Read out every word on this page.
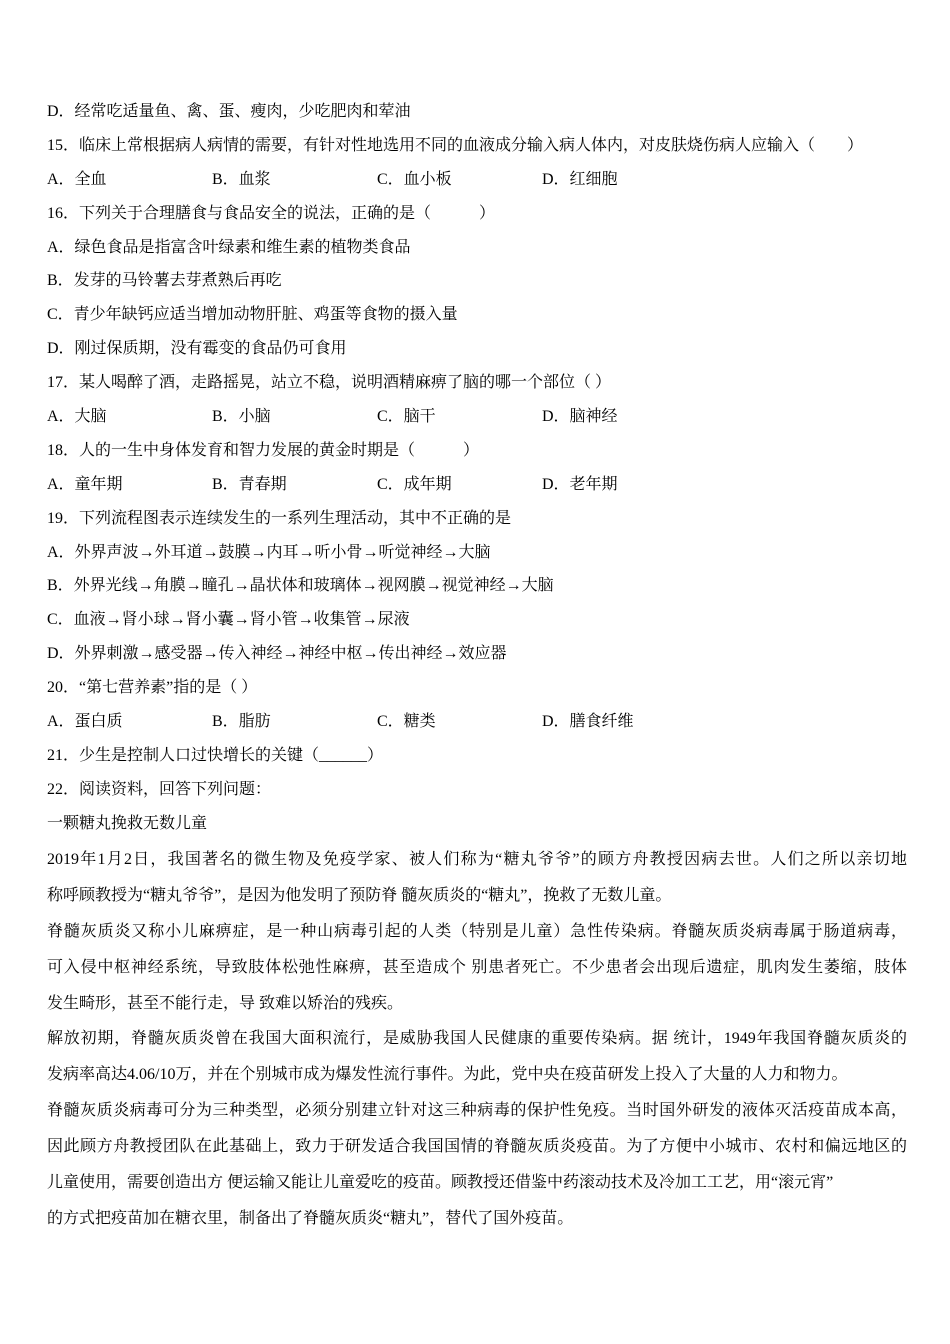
D．经常吃适量鱼、禽、蛋、瘦肉，少吃肥肉和荤油
15．临床上常根据病人病情的需要，有针对性地选用不同的血液成分输入病人体内，对皮肤烧伤病人应输入（　　）
A．全血	B．血浆	C．血小板	D．红细胞
16．下列关于合理膳食与食品安全的说法，正确的是（　　　）
A．绿色食品是指富含叶绿素和维生素的植物类食品
B．发芽的马铃薯去芽煮熟后再吃
C．青少年缺钙应适当增加动物肝脏、鸡蛋等食物的摄入量
D．刚过保质期，没有霉变的食品仍可食用
17．某人喝醉了酒，走路摇晃，站立不稳，说明酒精麻痹了脑的哪一个部位（ ）
A．大脑	B．小脑	C．脑干	D．脑神经
18．人的一生中身体发育和智力发展的黄金时期是（　　　）
A．童年期	B．青春期	C．成年期	D．老年期
19．下列流程图表示连续发生的一系列生理活动，其中不正确的是
A．外界声波→外耳道→鼓膜→内耳→听小骨→听觉神经→大脑
B．外界光线→角膜→瞳孔→晶状体和玻璃体→视网膜→视觉神经→大脑
C．血液→肾小球→肾小囊→肾小管→收集管→尿液
D．外界刺激→感受器→传入神经→神经中枢→传出神经→效应器
20．“第七营养素”指的是（ ）
A．蛋白质	B．脂肪	C．糖类	D．膳食纤维
21．少生是控制人口过快增长的关键（______）
22．阅读资料，回答下列问题：
一颗糖丸挽救无数儿童
2019年1月2日，我国著名的微生物及免疫学家、被人们称为“糖丸爷爷”的顾方舟教授因病去世。人们之所以亲切地
称呼顾教授为“糖丸爷爷”，是因为他发明了预防脊 髓灰质炎的“糖丸”，挽救了无数儿童。
脊髓灰质炎又称小儿麻痹症，是一种山病毒引起的人类（特别是儿童）急性传染病。脊髓灰质炎病毒属于肠道病毒，
可入侵中枢神经系统，导致肢体松弛性麻痹，甚至造成个 别患者死亡。不少患者会出现后遗症，肌肉发生萎缩，肢体
发生畸形，甚至不能行走，导 致难以矫治的残疾。
解放初期，脊髓灰质炎曾在我国大面积流行，是威胁我国人民健康的重要传染病。据 统计，1949年我国脊髓灰质炎的
发病率高达4.06/10万，并在个别城市成为爆发性流行事件。为此，党中央在疫苗研发上投入了大量的人力和物力。
脊髓灰质炎病毒可分为三种类型，必须分别建立针对这三种病毒的保护性免疫。当时国外研发的液体灭活疫苗成本高，
因此顾方舟教授团队在此基础上，致力于研发适合我国国情的脊髓灰质炎疫苗。为了方便中小城市、农村和偏远地区的
儿童使用，需要创造出方 便运输又能让儿童爱吃的疫苗。顾教授还借鉴中药滚动技术及冷加工工艺，用“滚元宵”
的方式把疫苗加在糖衣里，制备出了脊髓灰质炎“糖丸”，替代了国外疫苗。
